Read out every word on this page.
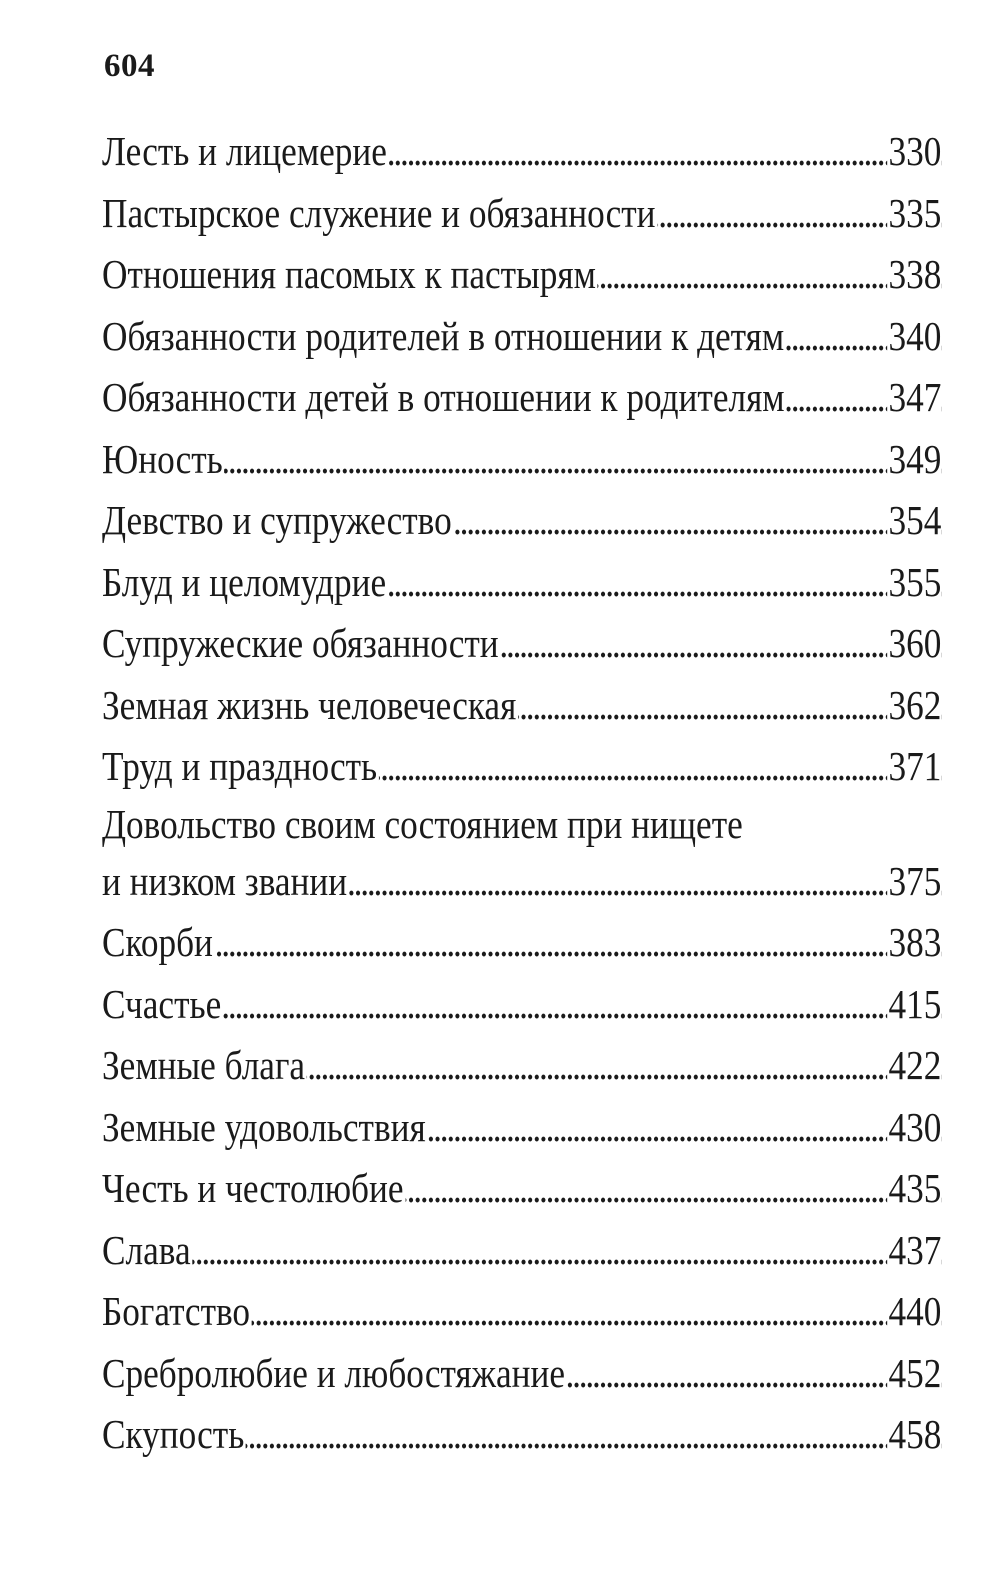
604
. . . Лесть и лицемерие	330
. . . Пастырское служение и обязанности	335
. . . Отношения пасомых к пастырям	338
. . . Обязанности родителей в отношении к детям	340
. . . Обязанности детей в отношении к родителям	347
. . . Юность	349
. . . Девство и супружество	354
. . . Блуд и целомудрие	355
. . . Супружеские обязанности	360
. . . Земная жизнь человеческая	362
. . . Труд и праздность	371
Довольство своим состоянием при нищете
. . . и низком звании	375
. . . Скорби	383
. . . Счастье	415
. . . Земные блага	422
. . . Земные удовольствия	430
. . . Честь и честолюбие	435
. . . Слава	437
. . . Богатство	440
. . . Сребролюбие и любостяжание	452
. . . Скупость	458
